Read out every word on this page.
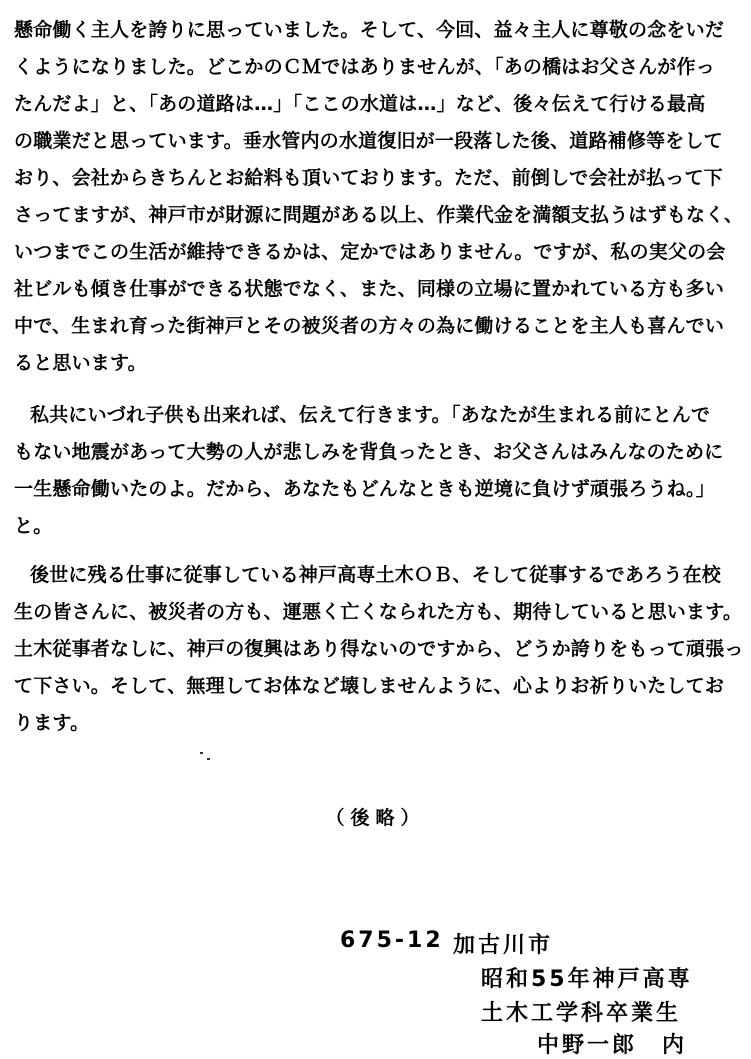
懸命働く主人を誇りに思っていました。そして、今回、益々主人に尊敬の念をいだ
くようになりました。どこかのＣＭではありませんが、「あの橋はお父さんが作っ
たんだよ」と、「あの道路は…」「ここの水道は…」など、後々伝えて行ける最高
の職業だと思っています。垂水管内の水道復旧が一段落した後、道路補修等をして
おり、会社からきちんとお給料も頂いております。ただ、前倒しで会社が払って下
さってますが、神戸市が財源に問題がある以上、作業代金を満額支払うはずもなく、
いつまでこの生活が維持できるかは、定かではありません。ですが、私の実父の会
社ビルも傾き仕事ができる状態でなく、また、同様の立場に置かれている方も多い
中で、生まれ育った街神戸とその被災者の方々の為に働けることを主人も喜んでい
ると思います。
私共にいづれ子供も出来れば、伝えて行きます。「あなたが生まれる前にとんで
もない地震があって大勢の人が悲しみを背負ったとき、お父さんはみんなのために
一生懸命働いたのよ。だから、あなたもどんなときも逆境に負けず頑張ろうね。」
と。
後世に残る仕事に従事している神戸高専土木ＯＢ、そして従事するであろう在校
生の皆さんに、被災者の方も、運悪く亡くなられた方も、期待していると思います。
土木従事者なしに、神戸の復興はあり得ないのですから、どうか誇りをもって頑張っ
て下さい。そして、無理してお体など壊しませんように、心よりお祈りいたしてお
ります。
（後略）
675-12 加古川市
昭和55年神戸高専
土木工学科卒業生
中野一郎　内
